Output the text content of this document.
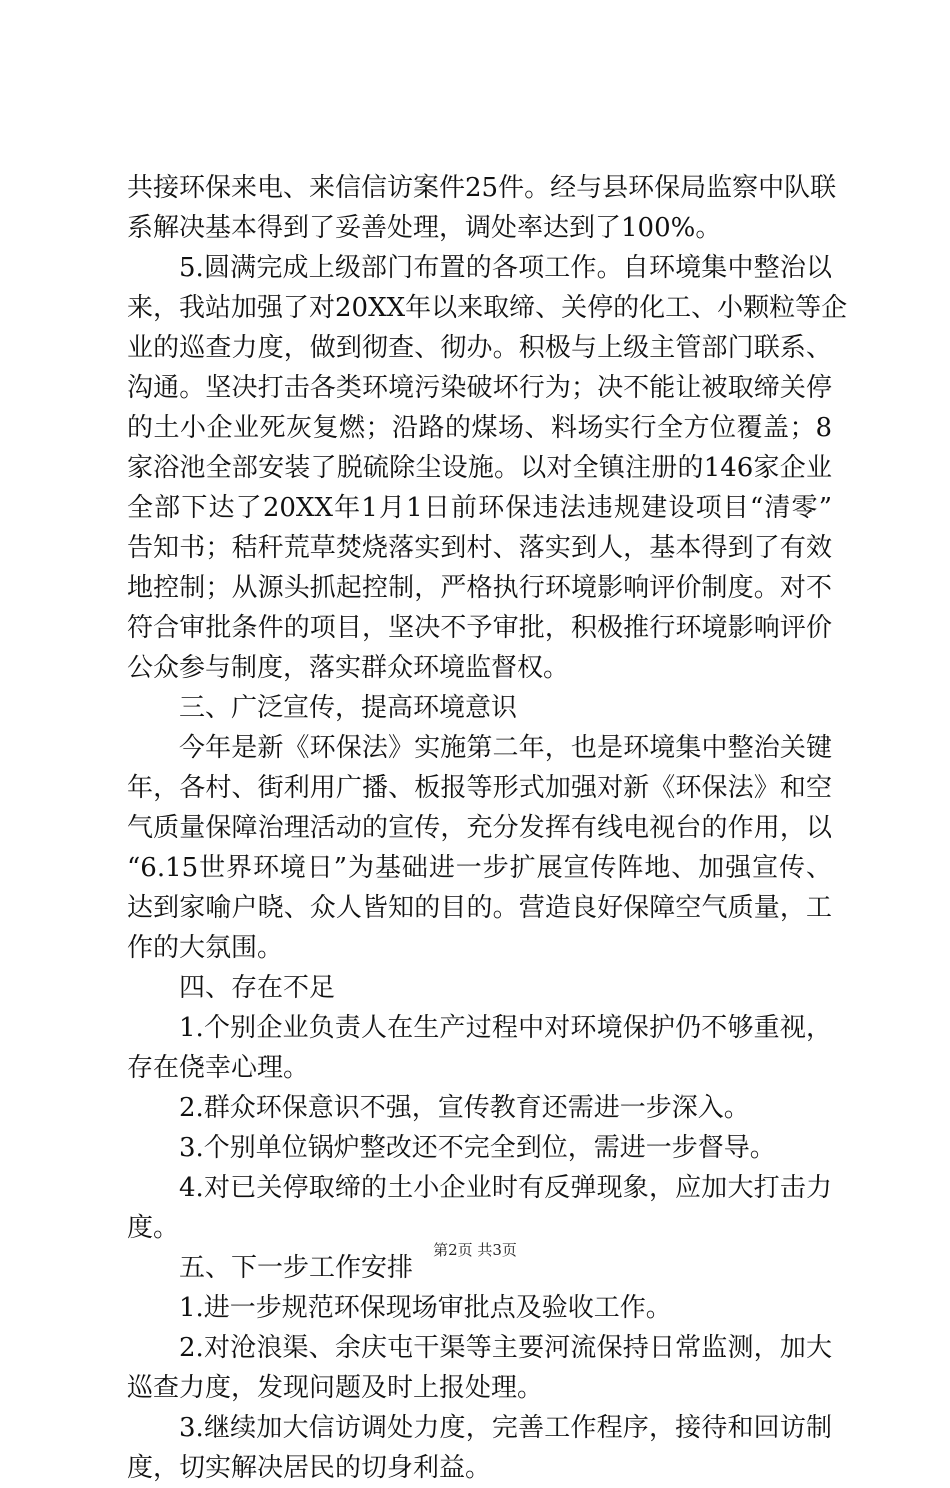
共接环保来电、来信信访案件25件。经与县环保局监察中队联
系解决基本得到了妥善处理，调处率达到了100%。
5.圆满完成上级部门布置的各项工作。自环境集中整治以
来，我站加强了对20XX年以来取缔、关停的化工、小颗粒等企
业的巡查力度，做到彻查、彻办。积极与上级主管部门联系、
沟通。坚决打击各类环境污染破坏行为；决不能让被取缔关停
的土小企业死灰复燃；沿路的煤场、料场实行全方位覆盖；8
家浴池全部安装了脱硫除尘设施。以对全镇注册的146家企业
全部下达了20XX年1月1日前环保违法违规建设项目“清零”
告知书；秸秆荒草焚烧落实到村、落实到人，基本得到了有效
地控制；从源头抓起控制，严格执行环境影响评价制度。对不
符合审批条件的项目，坚决不予审批，积极推行环境影响评价
公众参与制度，落实群众环境监督权。
三、广泛宣传，提高环境意识
今年是新《环保法》实施第二年，也是环境集中整治关键
年，各村、街利用广播、板报等形式加强对新《环保法》和空
气质量保障治理活动的宣传，充分发挥有线电视台的作用，以
“6.15世界环境日”为基础进一步扩展宣传阵地、加强宣传、
达到家喻户晓、众人皆知的目的。营造良好保障空气质量，工
作的大氛围。
四、存在不足
1.个别企业负责人在生产过程中对环境保护仍不够重视，
存在侥幸心理。
2.群众环保意识不强，宣传教育还需进一步深入。
3.个别单位锅炉整改还不完全到位，需进一步督导。
4.对已关停取缔的土小企业时有反弹现象，应加大打击力
度。
五、下一步工作安排
1.进一步规范环保现场审批点及验收工作。
2.对沧浪渠、余庆屯干渠等主要河流保持日常监测，加大
巡查力度，发现问题及时上报处理。
3.继续加大信访调处力度，完善工作程序，接待和回访制
度，切实解决居民的切身利益。
第2页 共3页
